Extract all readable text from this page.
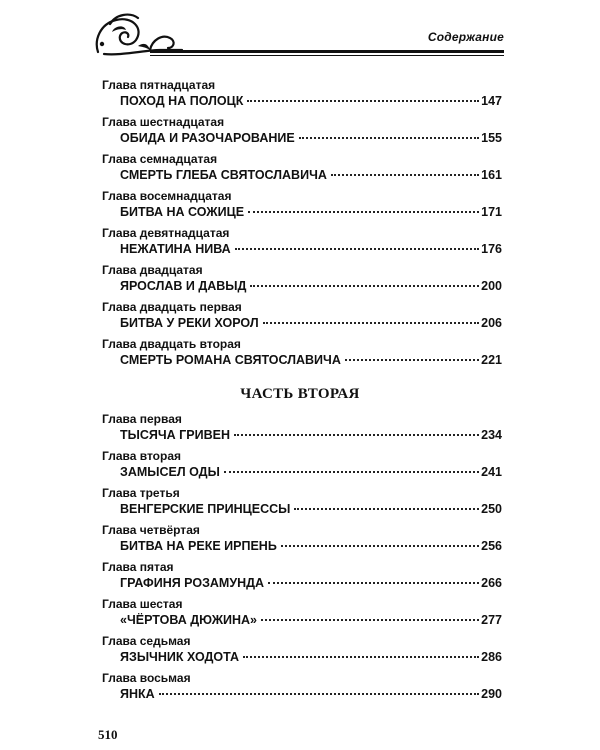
Содержание
Глава пятнадцатая
ПОХОД НА ПОЛОЦК	147
Глава шестнадцатая
ОБИДА И РАЗОЧАРОВАНИЕ	155
Глава семнадцатая
СМЕРТЬ ГЛЕБА СВЯТОСЛАВИЧА	161
Глава восемнадцатая
БИТВА НА СОЖИЦЕ	171
Глава девятнадцатая
НЕЖАТИНА НИВА	176
Глава двадцатая
ЯРОСЛАВ И ДАВЫД	200
Глава двадцать первая
БИТВА У РЕКИ ХОРОЛ	206
Глава двадцать вторая
СМЕРТЬ РОМАНА СВЯТОСЛАВИЧА	221
ЧАСТЬ ВТОРАЯ
Глава первая
ТЫСЯЧА ГРИВЕН	234
Глава вторая
ЗАМЫСЕЛ ОДЫ	241
Глава третья
ВЕНГЕРСКИЕ ПРИНЦЕССЫ	250
Глава четвёртая
БИТВА НА РЕКЕ ИРПЕНЬ	256
Глава пятая
ГРАФИНЯ РОЗАМУНДА	266
Глава шестая
«ЧЁРТОВА ДЮЖИНА»	277
Глава седьмая
ЯЗЫЧНИК ХОДОТА	286
Глава восьмая
ЯНКА	290
510
